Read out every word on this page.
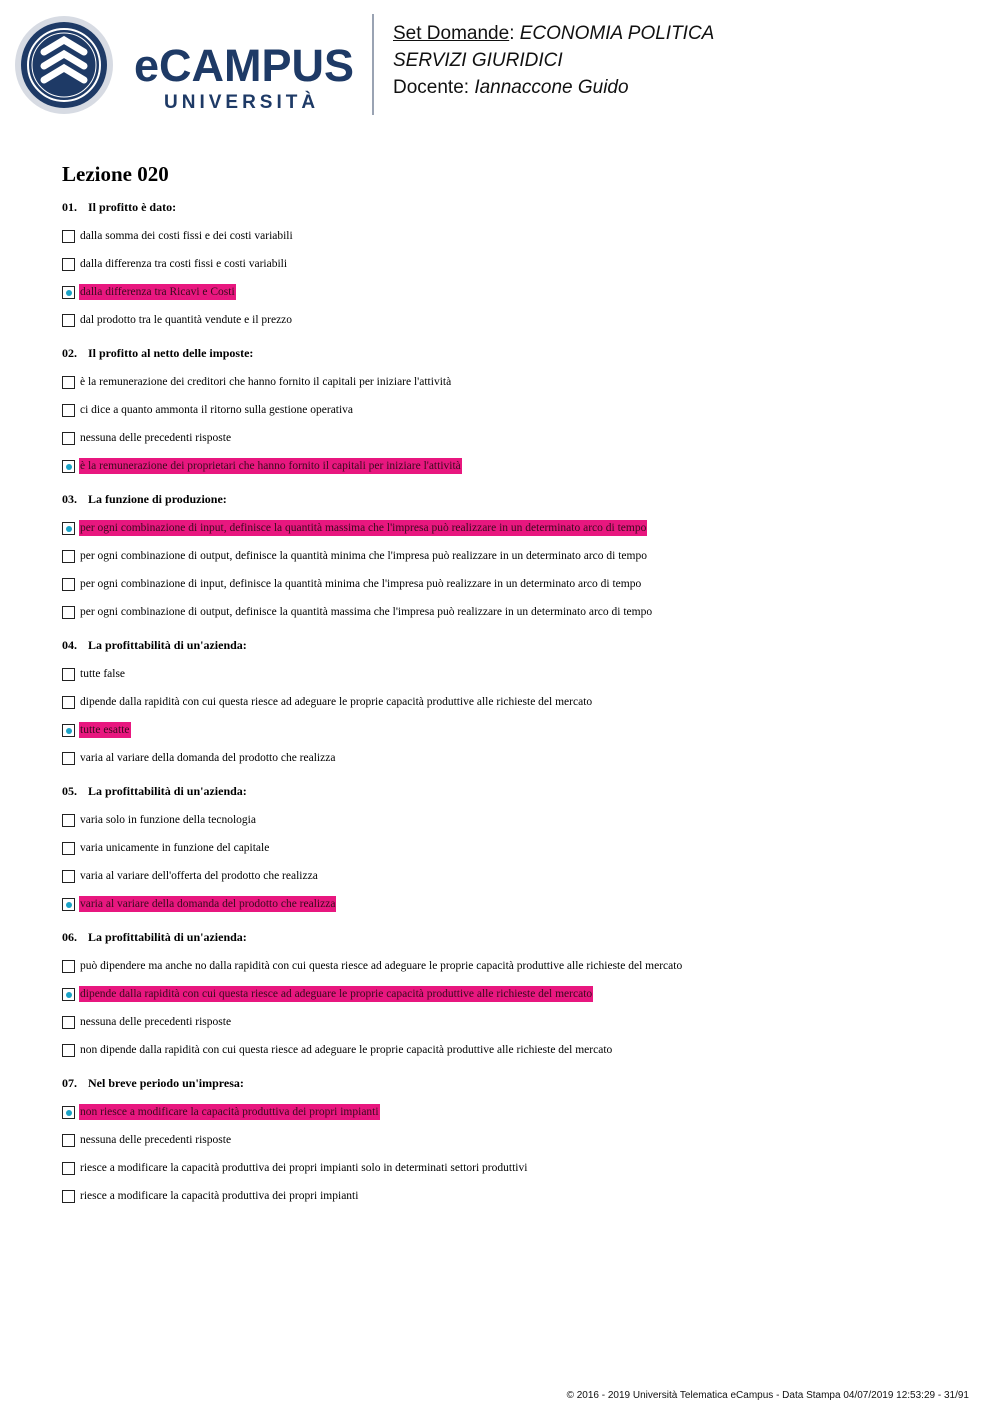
eCAMPUS
UNIVERSITÀ
Set Domande: ECONOMIA POLITICA
SERVIZI GIURIDICI
Docente: Iannaccone Guido
Lezione 020
01. Il profitto è dato:
dalla somma dei costi fissi e dei costi variabili
dalla differenza tra costi fissi e costi variabili
dalla differenza tra Ricavi e Costi
dal prodotto tra le quantità vendute e il prezzo
02. Il profitto al netto delle imposte:
è la remunerazione dei creditori che hanno fornito il capitali per iniziare l'attività
ci dice a quanto ammonta il ritorno sulla gestione operativa
nessuna delle precedenti risposte
è la remunerazione dei proprietari che hanno fornito il capitali per iniziare l'attività
03. La funzione di produzione:
per ogni combinazione di input, definisce la quantità massima che l'impresa può realizzare in un determinato arco di tempo
per ogni combinazione di output, definisce la quantità minima che l'impresa può realizzare in un determinato arco di tempo
per ogni combinazione di input, definisce la quantità minima che l'impresa può realizzare in un determinato arco di tempo
per ogni combinazione di output, definisce la quantità massima che l'impresa può realizzare in un determinato arco di tempo
04. La profittabilità di un'azienda:
tutte false
dipende dalla rapidità con cui questa riesce ad adeguare le proprie capacità produttive alle richieste del mercato
tutte esatte
varia al variare della domanda del prodotto che realizza
05. La profittabilità di un'azienda:
varia solo in funzione della tecnologia
varia unicamente in funzione del capitale
varia al variare dell'offerta del prodotto che realizza
varia al variare della domanda del prodotto che realizza
06. La profittabilità di un'azienda:
può dipendere ma anche no dalla rapidità con cui questa riesce ad adeguare le proprie capacità produttive alle richieste del mercato
dipende dalla rapidità con cui questa riesce ad adeguare le proprie capacità produttive alle richieste del mercato
nessuna delle precedenti risposte
non dipende dalla rapidità con cui questa riesce ad adeguare le proprie capacità produttive alle richieste del mercato
07. Nel breve periodo un'impresa:
non riesce a modificare la capacità produttiva dei propri impianti
nessuna delle precedenti risposte
riesce a modificare la capacità produttiva dei propri impianti solo in determinati settori produttivi
riesce a modificare la capacità produttiva dei propri impianti
© 2016 - 2019 Università Telematica eCampus - Data Stampa 04/07/2019 12:53:29 - 31/91
